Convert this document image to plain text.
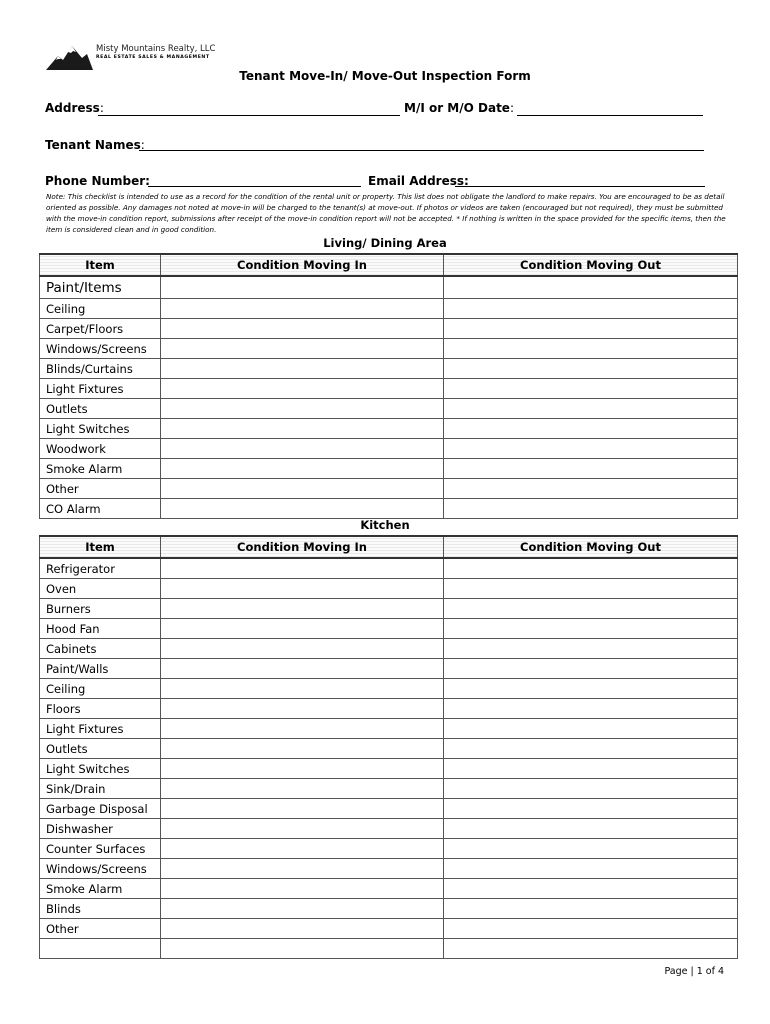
Misty Mountains Realty, LLC
REAL ESTATE SALES & MANAGEMENT
Tenant Move-In/ Move-Out Inspection Form
Address:	M/I or M/O Date:
Tenant Names:
Phone Number:	Email Address:
Note: This checklist is intended to use as a record for the condition of the rental unit or property. This list does not obligate the landlord to make repairs. You are encouraged to be as detail oriented as possible. Any damages not noted at move-in will be charged to the tenant(s) at move-out. If photos or videos are taken (encouraged but not required), they must be submitted with the move-in condition report, submissions after receipt of the move-in condition report will not be accepted. * If nothing is written in the space provided for the specific items, then the item is considered clean and in good condition.
Living/ Dining Area
Item	Condition Moving In	Condition Moving Out
Paint/Items		
Ceiling		
Carpet/Floors		
Windows/Screens		
Blinds/Curtains		
Light Fixtures		
Outlets		
Light Switches		
Woodwork		
Smoke Alarm		
Other		
CO Alarm		
Kitchen
Item	Condition Moving In	Condition Moving Out
Refrigerator		
Oven		
Burners		
Hood Fan		
Cabinets		
Paint/Walls		
Ceiling		
Floors		
Light Fixtures		
Outlets		
Light Switches		
Sink/Drain		
Garbage Disposal		
Dishwasher		
Counter Surfaces		
Windows/Screens		
Smoke Alarm		
Blinds		
Other		

Page | 1 of 4
